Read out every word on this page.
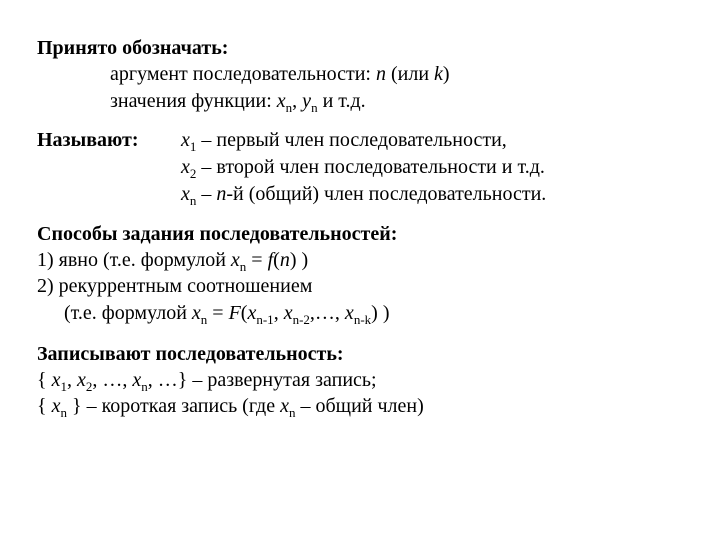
Принято обозначать:
аргумент последовательности: n (или k)
значения функции: $x_n$, $y_n$ и т.д.
Называют: $x_1$ – первый член последовательности,
$x_2$ – второй член последовательности и т.д.
$x_n - n-й$ (общий) член последовательности.
Способы задания последовательностей:
1) явно (т.е. формулой $x_n = f(n)$ )
2) рекуррентным соотношением
(т.е. формулой $x_n = F(x_{n-1}$, $x_{n-2},\dots$, $x_{n-k}$) )
Записывают последовательность:
{ $x_1$, $x_2$, …, $x_n$, …} – развернутая запись;
{ $x_n$ } – короткая запись (где $x_n$ – общий член)
